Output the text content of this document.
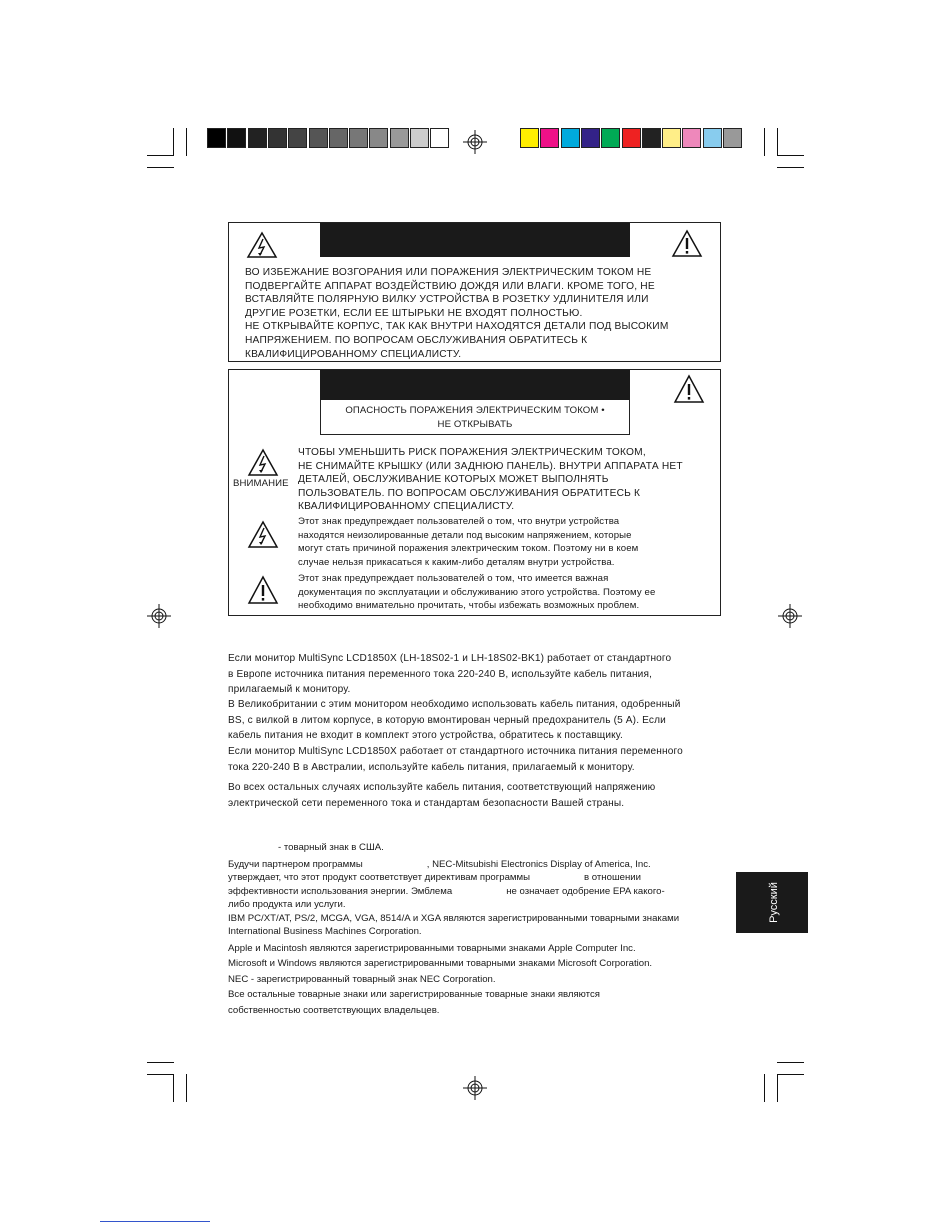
ВО ИЗБЕЖАНИЕ ВОЗГОРАНИЯ ИЛИ ПОРАЖЕНИЯ ЭЛЕКТРИЧЕСКИМ ТОКОМ НЕ
ПОДВЕРГАЙТЕ АППАРАТ ВОЗДЕЙСТВИЮ ДОЖДЯ ИЛИ ВЛАГИ. КРОМЕ ТОГО, НЕ
ВСТАВЛЯЙТЕ ПОЛЯРНУЮ ВИЛКУ УСТРОЙСТВА В РОЗЕТКУ УДЛИНИТЕЛЯ ИЛИ
ДРУГИЕ РОЗЕТКИ, ЕСЛИ ЕЕ ШТЫРЬКИ НЕ ВХОДЯТ ПОЛНОСТЬЮ.
НЕ ОТКРЫВАЙТЕ КОРПУС, ТАК КАК ВНУТРИ НАХОДЯТСЯ ДЕТАЛИ ПОД ВЫСОКИМ
НАПРЯЖЕНИЕМ. ПО ВОПРОСАМ ОБСЛУЖИВАНИЯ ОБРАТИТЕСЬ К
КВАЛИФИЦИРОВАННОМУ СПЕЦИАЛИСТУ.
ОПАСНОСТЬ ПОРАЖЕНИЯ ЭЛЕКТРИЧЕСКИМ ТОКОМ •
НЕ ОТКРЫВАТЬ
ВНИМАНИЕ
ЧТОБЫ УМЕНЬШИТЬ РИСК ПОРАЖЕНИЯ ЭЛЕКТРИЧЕСКИМ ТОКОМ,
НЕ СНИМАЙТЕ КРЫШКУ (ИЛИ ЗАДНЮЮ ПАНЕЛЬ). ВНУТРИ АППАРАТА НЕТ
ДЕТАЛЕЙ, ОБСЛУЖИВАНИЕ КОТОРЫХ МОЖЕТ ВЫПОЛНЯТЬ
ПОЛЬЗОВАТЕЛЬ. ПО ВОПРОСАМ ОБСЛУЖИВАНИЯ ОБРАТИТЕСЬ К
КВАЛИФИЦИРОВАННОМУ СПЕЦИАЛИСТУ.
Этот знак предупреждает пользователей о том, что внутри устройства
находятся неизолированные детали под высоким напряжением, которые
могут стать причиной поражения электрическим током. Поэтому ни в коем
случае нельзя прикасаться к каким-либо деталям внутри устройства.
Этот знак предупреждает пользователей о том, что имеется важная
документация по эксплуатации и обслуживанию этого устройства. Поэтому ее
необходимо внимательно прочитать, чтобы избежать возможных проблем.
Если монитор MultiSync LCD1850X (LH-18S02-1 и LH-18S02-BK1) работает от стандартного
в Европе источника питания переменного тока 220-240 В, используйте кабель питания,
прилагаемый к монитору.
В Великобритании с этим монитором необходимо использовать кабель питания, одобренный
BS, с вилкой в литом корпусе, в которую вмонтирован черный предохранитель (5 А). Если
кабель питания не входит в комплект этого устройства, обратитесь к поставщику.
Если монитор MultiSync LCD1850X работает от стандартного источника питания переменного
тока 220-240 В в Австралии, используйте кабель питания, прилагаемый к монитору.
Во всех остальных случаях используйте кабель питания, соответствующий напряжению
электрической сети переменного тока и стандартам безопасности Вашей страны.
- товарный знак в США.
Будучи партнером программы	, NEC-Mitsubishi Electronics Display of America, Inc.
утверждает, что этот продукт соответствует директивам программы	в отношении
эффективности использования энергии. Эмблема	не означает одобрение EPA какого-
либо продукта или услуги.
IBM PC/XT/AT, PS/2, MCGA, VGA, 8514/A и XGA являются зарегистрированными товарными знаками
International Business Machines Corporation.
Apple и Macintosh являются зарегистрированными товарными знаками Apple Computer Inc.
Microsoft и Windows являются зарегистрированными товарными знаками Microsoft Corporation.
NEC - зарегистрированный товарный знак NEC Corporation.
Все остальные товарные знаки или зарегистрированные товарные знаки являются
собственностью соответствующих владельцев.
Русский
